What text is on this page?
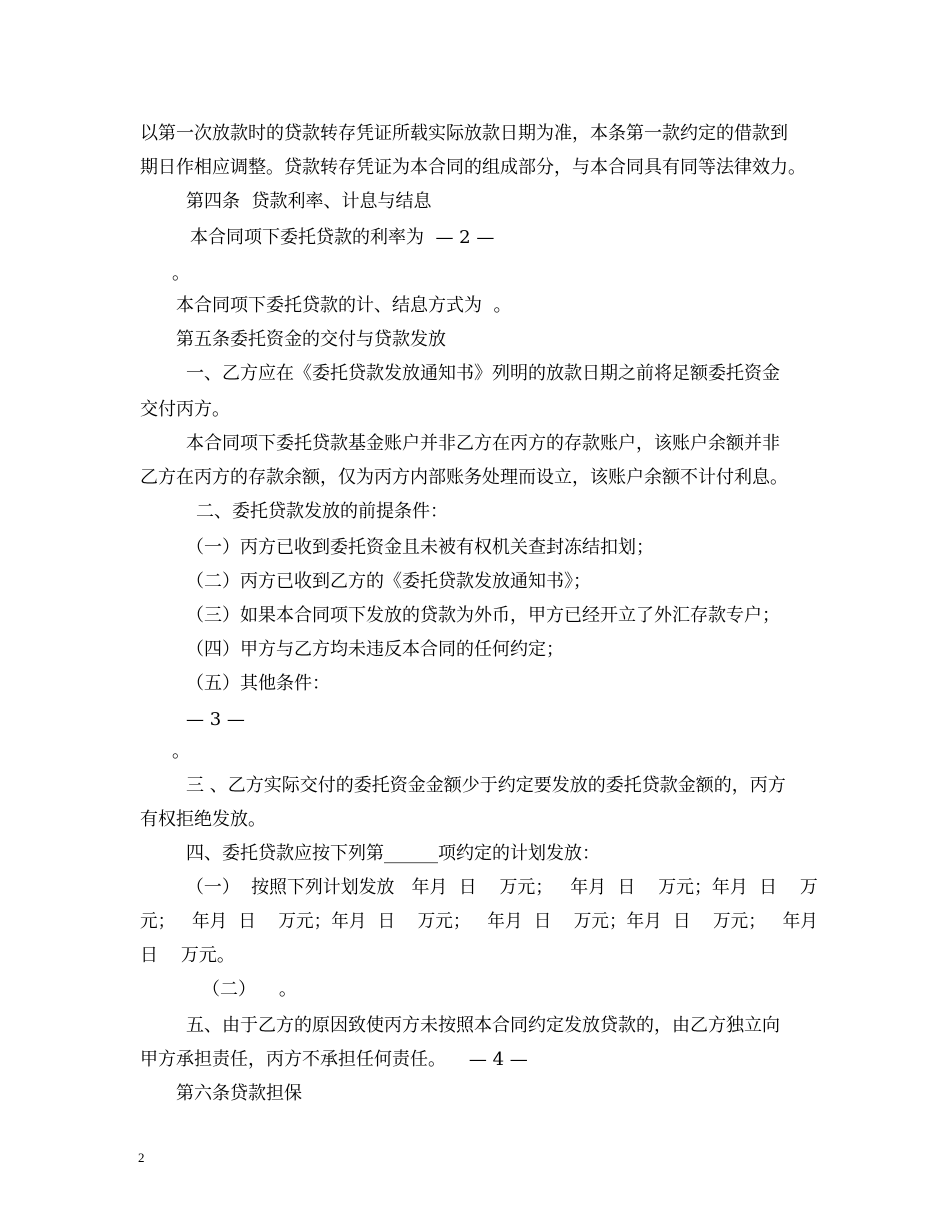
以第一次放款时的贷款转存凭证所载实际放款日期为准，本条第一款约定的借款到
期日作相应调整。贷款转存凭证为本合同的组成部分，与本合同具有同等法律效力。
第四条  贷款利率、计息与结息
本合同项下委托贷款的利率为  — 2 —
。
本合同项下委托贷款的计、结息方式为  。
第五条委托资金的交付与贷款发放
一、乙方应在《委托贷款发放通知书》列明的放款日期之前将足额委托资金
交付丙方。
本合同项下委托贷款基金账户并非乙方在丙方的存款账户，该账户余额并非
乙方在丙方的存款余额，仅为丙方内部账务处理而设立，该账户余额不计付利息。
二、委托贷款发放的前提条件：
（一）丙方已收到委托资金且未被有权机关查封冻结扣划；
（二）丙方已收到乙方的《委托贷款发放通知书》；
（三）如果本合同项下发放的贷款为外币，甲方已经开立了外汇存款专户；
（四）甲方与乙方均未违反本合同的任何约定；
（五）其他条件：
— 3 —
。
三 、乙方实际交付的委托资金金额少于约定要发放的委托贷款金额的，丙方
有权拒绝发放。
四、委托贷款应按下列第______项约定的计划发放：
（一）  按照下列计划发放   年月  日    万元；   年月  日    万元；年月  日    万
元；   年月  日    万元；年月  日    万元；   年月  日    万元；年月  日    万元；   年月
日    万元。
（二）    。
五、由于乙方的原因致使丙方未按照本合同约定发放贷款的，由乙方独立向
甲方承担责任，丙方不承担任何责任。    — 4 —
第六条贷款担保
2
